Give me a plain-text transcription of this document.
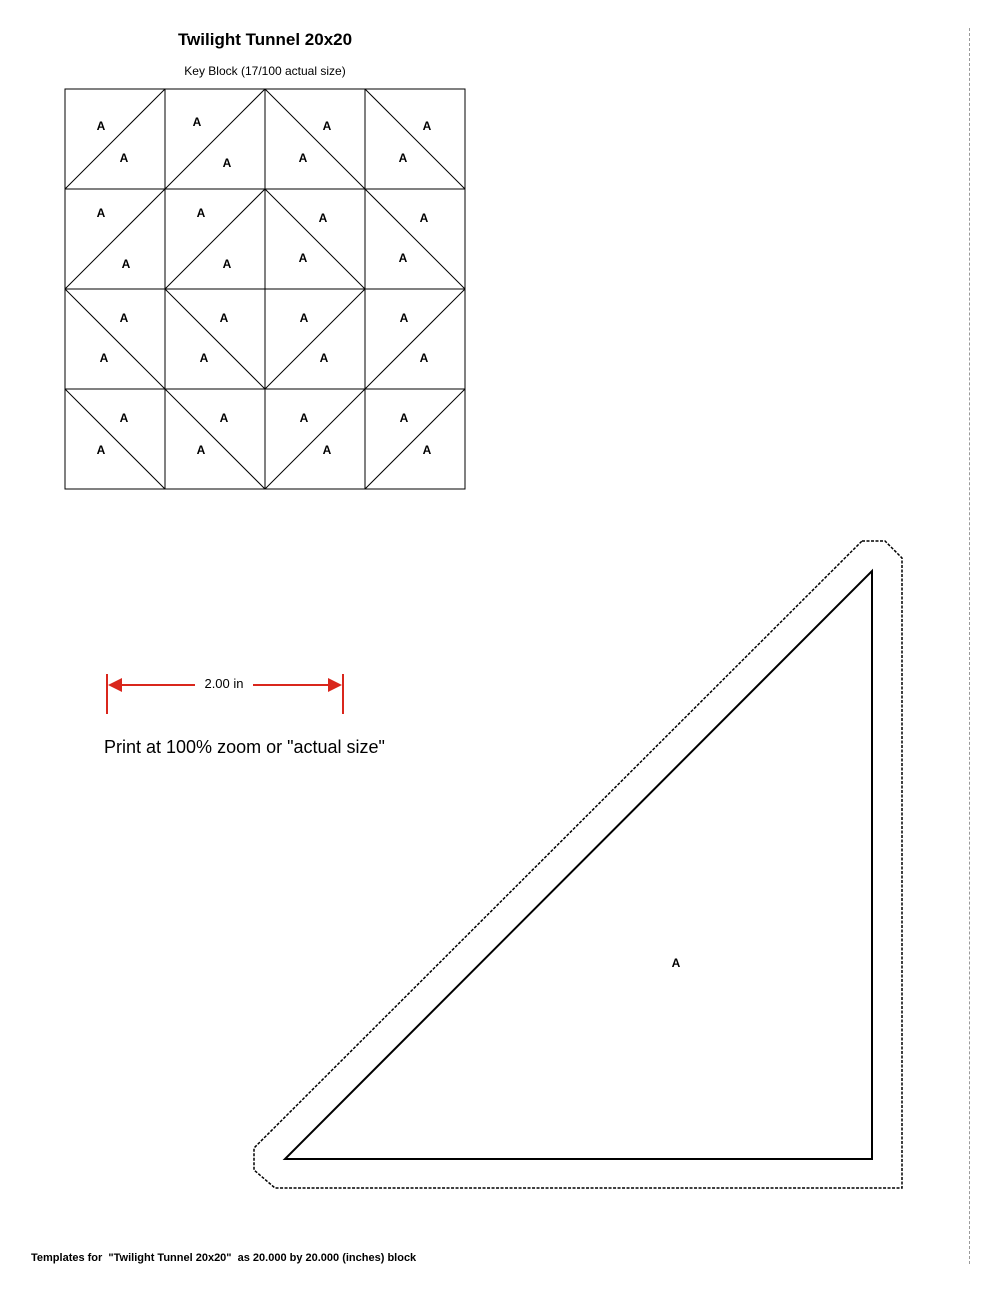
Twilight Tunnel 20x20
Key Block (17/100 actual size)
A
A
A
A
A
A
A
A
A
A
A
A
A
A
A
A
A
A
A
A
A
A
A
A
A
A
A
A
A
A
A
A
2.00 in
Print at 100% zoom or "actual size"
A
Templates for  "Twilight Tunnel 20x20"  as 20.000 by 20.000 (inches) block
